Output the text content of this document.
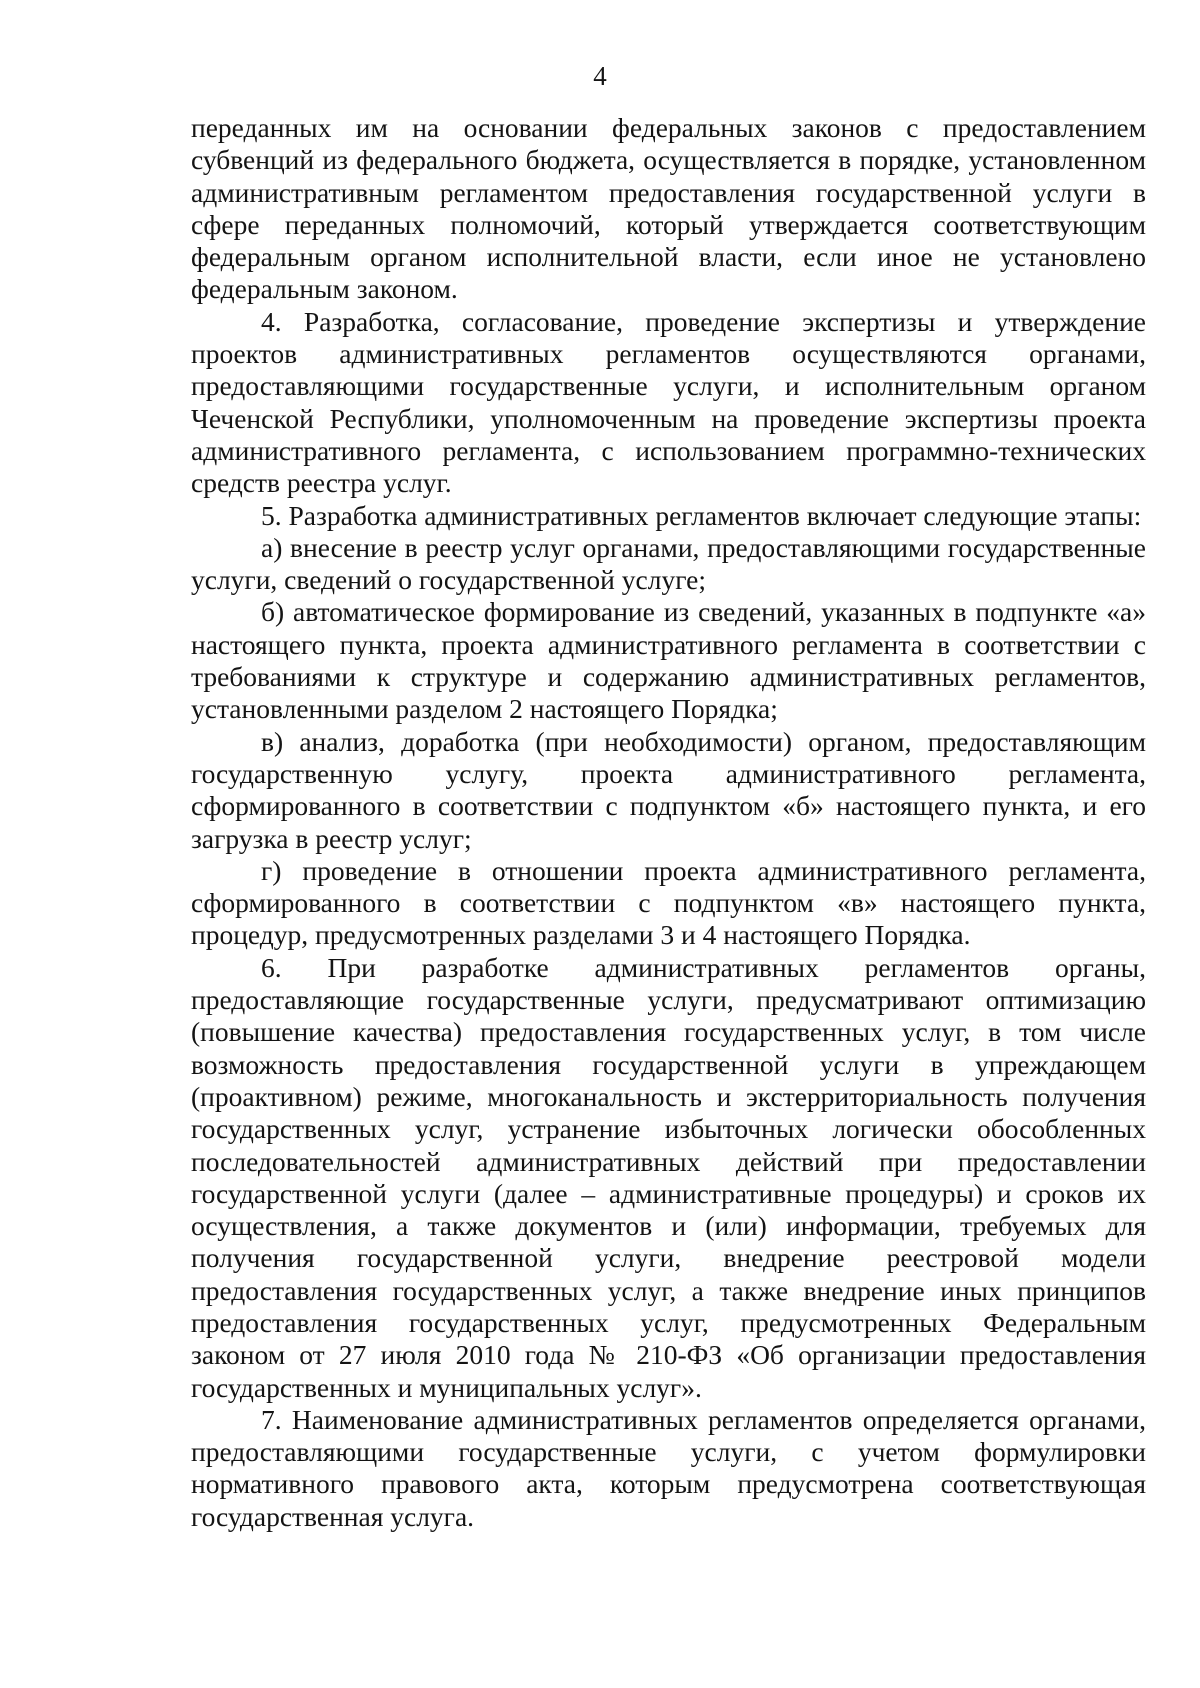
4

переданных им на основании федеральных законов с предоставлением субвенций из федерального бюджета, осуществляется в порядке, установленном административным регламентом предоставления государственной услуги в сфере переданных полномочий, который утверждается соответствующим федеральным органом исполнительной власти, если иное не установлено федеральным законом.

4. Разработка, согласование, проведение экспертизы и утверждение проектов административных регламентов осуществляются органами, предоставляющими государственные услуги, и исполнительным органом Чеченской Республики, уполномоченным на проведение экспертизы проекта административного регламента, с использованием программно-технических средств реестра услуг.

5. Разработка административных регламентов включает следующие этапы:

а) внесение в реестр услуг органами, предоставляющими государственные услуги, сведений о государственной услуге;

б) автоматическое формирование из сведений, указанных в подпункте «а» настоящего пункта, проекта административного регламента в соответствии с требованиями к структуре и содержанию административных регламентов, установленными разделом 2 настоящего Порядка;

в) анализ, доработка (при необходимости) органом, предоставляющим государственную услугу, проекта административного регламента, сформированного в соответствии с подпунктом «б» настоящего пункта, и его загрузка в реестр услуг;

г) проведение в отношении проекта административного регламента, сформированного в соответствии с подпунктом «в» настоящего пункта, процедур, предусмотренных разделами 3 и 4 настоящего Порядка.

6. При разработке административных регламентов органы, предоставляющие государственные услуги, предусматривают оптимизацию (повышение качества) предоставления государственных услуг, в том числе возможность предоставления государственной услуги в упреждающем (проактивном) режиме, многоканальность и экстерриториальность получения государственных услуг, устранение избыточных логически обособленных последовательностей административных действий при предоставлении государственной услуги (далее – административные процедуры) и сроков их осуществления, а также документов и (или) информации, требуемых для получения государственной услуги, внедрение реестровой модели предоставления государственных услуг, а также внедрение иных принципов предоставления государственных услуг, предусмотренных Федеральным законом от 27 июля 2010 года № 210-ФЗ «Об организации предоставления государственных и муниципальных услуг».

7. Наименование административных регламентов определяется органами, предоставляющими государственные услуги, с учетом формулировки нормативного правового акта, которым предусмотрена соответствующая государственная услуга.
